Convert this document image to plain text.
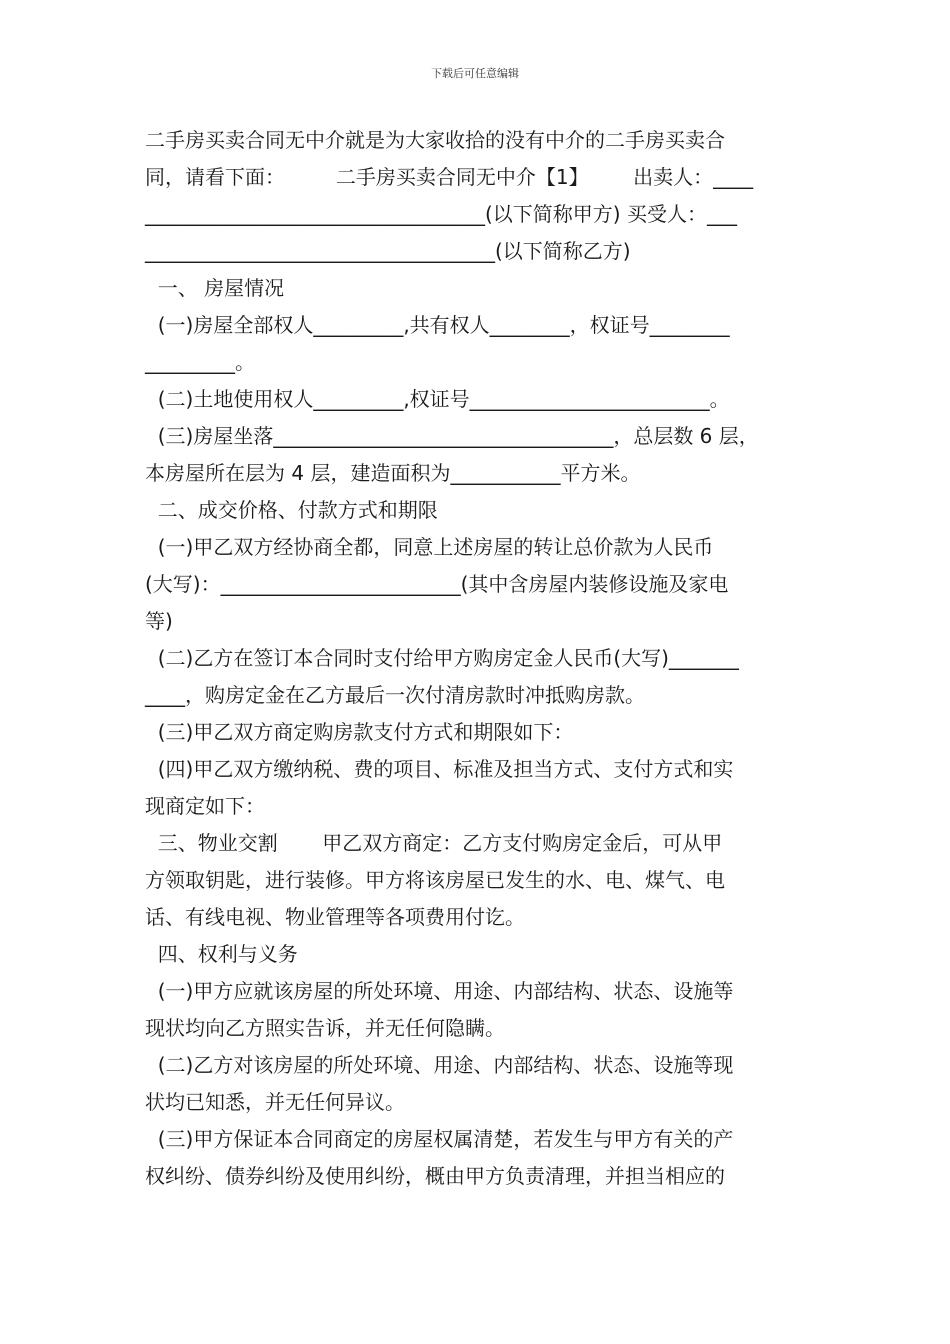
下载后可任意编辑
二手房买卖合同无中介就是为大家收拾的没有中介的二手房买卖合
同，请看下面：        二手房买卖合同无中介【1】       出卖人：____
__________________________________(以下简称甲方) 买受人：___
___________________________________(以下简称乙方)
一、 房屋情况
(一)房屋全部权人_________,共有权人________，权证号________
_________。
(二)土地使用权人_________,权证号________________________。
(三)房屋坐落__________________________________，总层数 6 层，
本房屋所在层为 4 层，建造面积为___________平方米。
二、成交价格、付款方式和期限
(一)甲乙双方经协商全都，同意上述房屋的转让总价款为人民币
(大写)：________________________(其中含房屋内装修设施及家电
等)
(二)乙方在签订本合同时支付给甲方购房定金人民币(大写)_______
____，购房定金在乙方最后一次付清房款时冲抵购房款。
(三)甲乙双方商定购房款支付方式和期限如下：
(四)甲乙双方缴纳税、费的项目、标准及担当方式、支付方式和实
现商定如下：
三、物业交割       甲乙双方商定：乙方支付购房定金后，可从甲
方领取钥匙，进行装修。甲方将该房屋已发生的水、电、煤气、电
话、有线电视、物业管理等各项费用付讫。
四、权利与义务
(一)甲方应就该房屋的所处环境、用途、内部结构、状态、设施等
现状均向乙方照实告诉，并无任何隐瞒。
(二)乙方对该房屋的所处环境、用途、内部结构、状态、设施等现
状均已知悉，并无任何异议。
(三)甲方保证本合同商定的房屋权属清楚，若发生与甲方有关的产
权纠纷、债券纠纷及使用纠纷，概由甲方负责清理，并担当相应的
